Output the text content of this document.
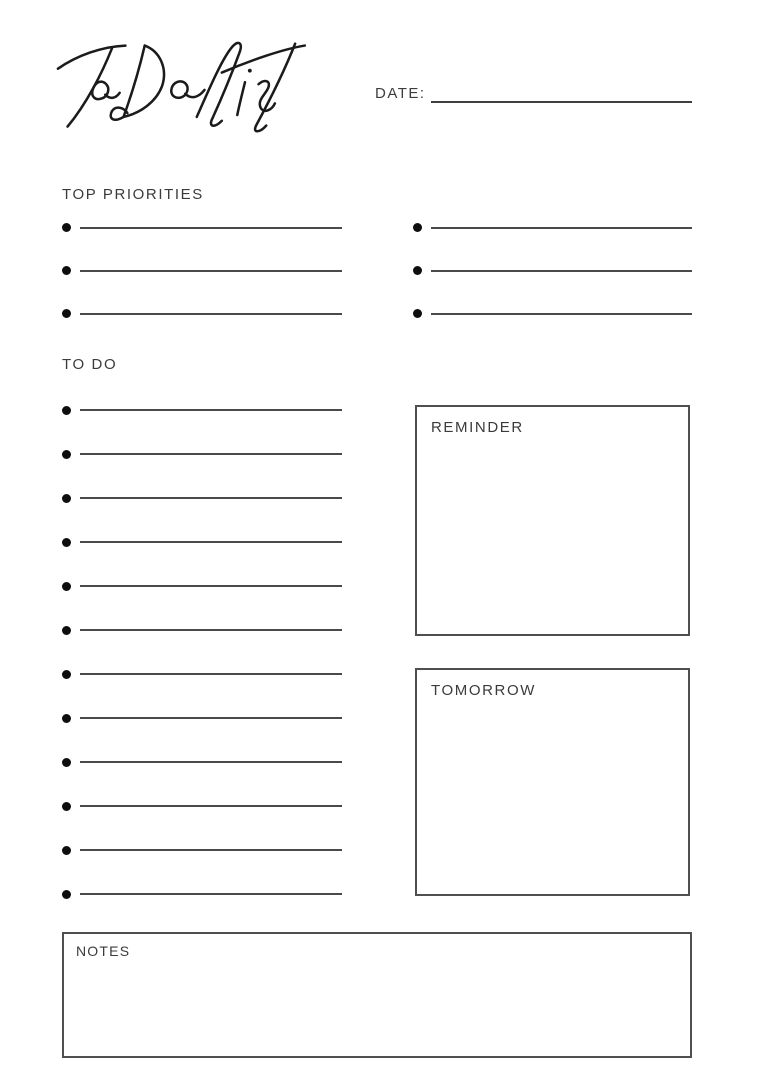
DATE:
TOP PRIORITIES
TO DO
REMINDER
TOMORROW
NOTES
